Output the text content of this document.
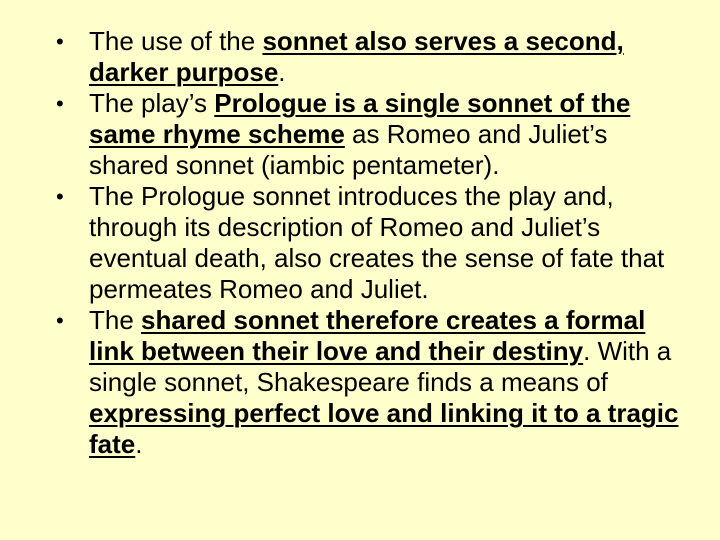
• The use of the sonnet also serves a second, darker purpose.
• The play’s Prologue is a single sonnet of the same rhyme scheme as Romeo and Juliet’s shared sonnet (iambic pentameter).
• The Prologue sonnet introduces the play and, through its description of Romeo and Juliet’s eventual death, also creates the sense of fate that permeates Romeo and Juliet.
• The shared sonnet therefore creates a formal link between their love and their destiny. With a single sonnet, Shakespeare finds a means of expressing perfect love and linking it to a tragic fate.
